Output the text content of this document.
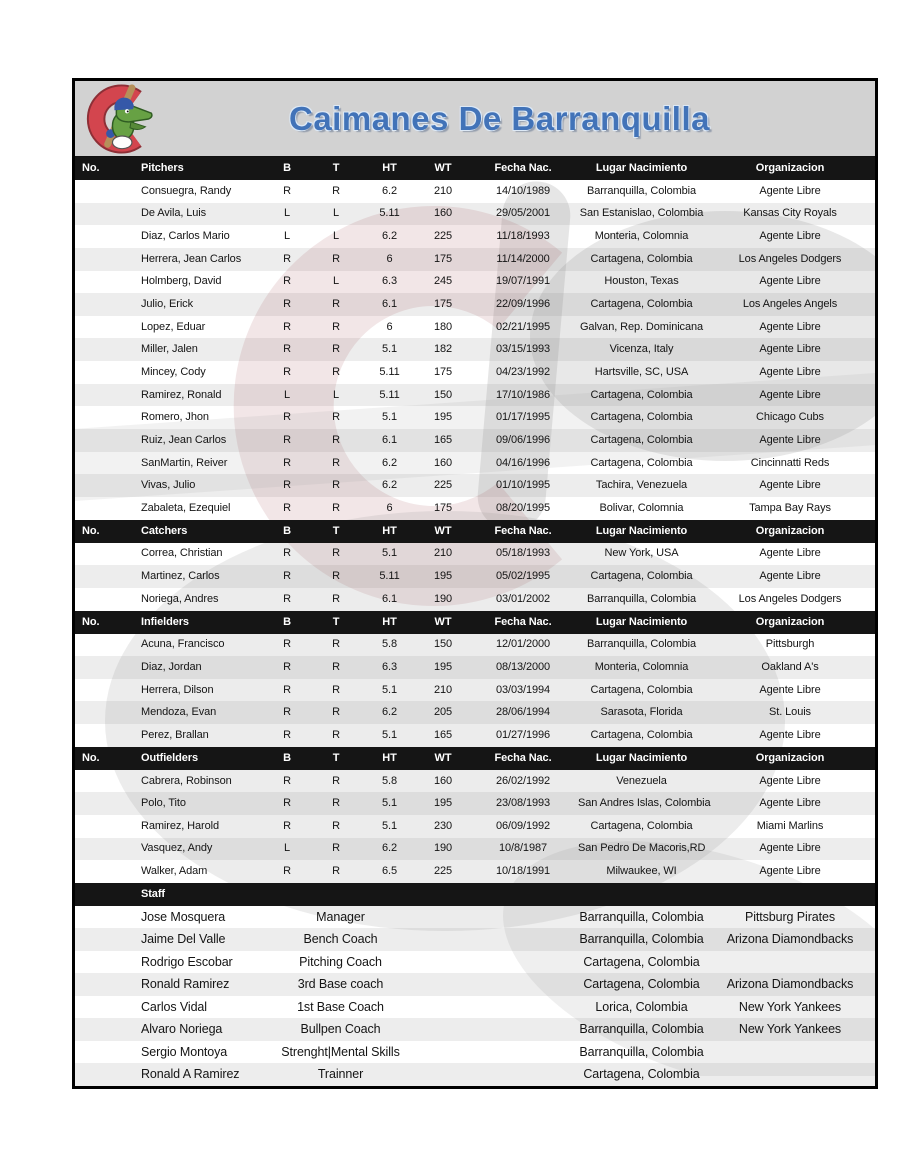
Caimanes De Barranquilla
No.	Pitchers	B	T	HT	WT	Fecha Nac.	Lugar Nacimiento	Organizacion
Consuegra, Randy	R	R	6.2	210	14/10/1989	Barranquilla, Colombia	Agente Libre
De Avila, Luis	L	L	5.11	160	29/05/2001	San Estanislao, Colombia	Kansas City Royals
Diaz, Carlos Mario	L	L	6.2	225	11/18/1993	Monteria, Colomnia	Agente Libre
Herrera, Jean Carlos	R	R	6	175	11/14/2000	Cartagena, Colombia	Los Angeles Dodgers
Holmberg, David	R	L	6.3	245	19/07/1991	Houston, Texas	Agente Libre
Julio, Erick	R	R	6.1	175	22/09/1996	Cartagena, Colombia	Los Angeles Angels
Lopez, Eduar	R	R	6	180	02/21/1995	Galvan, Rep. Dominicana	Agente Libre
Miller, Jalen	R	R	5.1	182	03/15/1993	Vicenza, Italy	Agente Libre
Mincey, Cody	R	R	5.11	175	04/23/1992	Hartsville, SC, USA	Agente Libre
Ramirez, Ronald	L	L	5.11	150	17/10/1986	Cartagena, Colombia	Agente Libre
Romero, Jhon	R	R	5.1	195	01/17/1995	Cartagena, Colombia	Chicago Cubs
Ruiz, Jean Carlos	R	R	6.1	165	09/06/1996	Cartagena, Colombia	Agente Libre
SanMartin, Reiver	R	R	6.2	160	04/16/1996	Cartagena, Colombia	Cincinnatti Reds
Vivas, Julio	R	R	6.2	225	01/10/1995	Tachira, Venezuela	Agente Libre
Zabaleta, Ezequiel	R	R	6	175	08/20/1995	Bolivar, Colomnia	Tampa Bay Rays
No.	Catchers	B	T	HT	WT	Fecha Nac.	Lugar Nacimiento	Organizacion
Correa, Christian	R	R	5.1	210	05/18/1993	New York, USA	Agente Libre
Martinez, Carlos	R	R	5.11	195	05/02/1995	Cartagena, Colombia	Agente Libre
Noriega, Andres	R	R	6.1	190	03/01/2002	Barranquilla, Colombia	Los Angeles Dodgers
No.	Infielders	B	T	HT	WT	Fecha Nac.	Lugar Nacimiento	Organizacion
Acuna, Francisco	R	R	5.8	150	12/01/2000	Barranquilla, Colombia	Pittsburgh
Diaz, Jordan	R	R	6.3	195	08/13/2000	Monteria, Colomnia	Oakland A's
Herrera, Dilson	R	R	5.1	210	03/03/1994	Cartagena, Colombia	Agente Libre
Mendoza, Evan	R	R	6.2	205	28/06/1994	Sarasota, Florida	St. Louis
Perez, Brallan	R	R	5.1	165	01/27/1996	Cartagena, Colombia	Agente Libre
No.	Outfielders	B	T	HT	WT	Fecha Nac.	Lugar Nacimiento	Organizacion
Cabrera, Robinson	R	R	5.8	160	26/02/1992	Venezuela	Agente Libre
Polo, Tito	R	R	5.1	195	23/08/1993	San Andres Islas, Colombia	Agente Libre
Ramirez, Harold	R	R	5.1	230	06/09/1992	Cartagena, Colombia	Miami Marlins
Vasquez, Andy	L	R	6.2	190	10/8/1987	San Pedro De Macoris,RD	Agente Libre
Walker, Adam	R	R	6.5	225	10/18/1991	Milwaukee, WI	Agente Libre
Staff
Jose Mosquera	Manager	Barranquilla, Colombia	Pittsburg Pirates
Jaime Del Valle	Bench Coach	Barranquilla, Colombia	Arizona Diamondbacks
Rodrigo Escobar	Pitching Coach	Cartagena, Colombia
Ronald Ramirez	3rd Base coach	Cartagena, Colombia	Arizona Diamondbacks
Carlos Vidal	1st Base Coach	Lorica, Colombia	New York Yankees
Alvaro Noriega	Bullpen Coach	Barranquilla, Colombia	New York Yankees
Sergio Montoya	Strenght|Mental Skills	Barranquilla, Colombia
Ronald A Ramirez	Trainner	Cartagena, Colombia
